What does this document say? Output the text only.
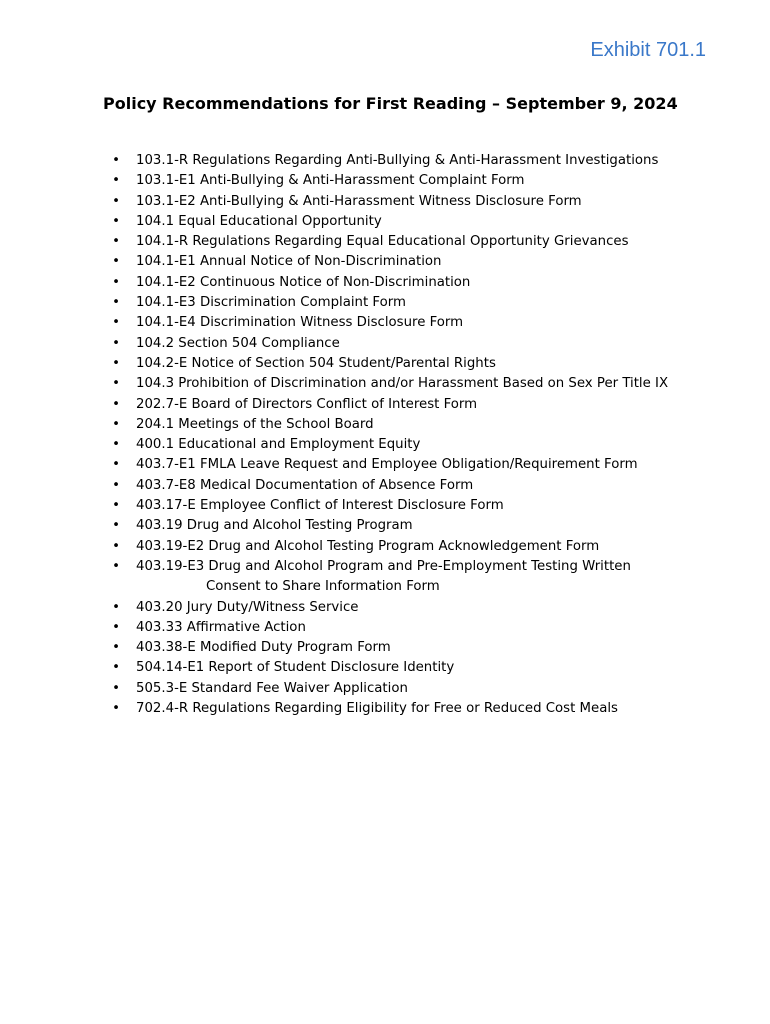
Exhibit 701.1
Policy Recommendations for First Reading – September 9, 2024
• 103.1-R Regulations Regarding Anti-Bullying & Anti-Harassment Investigations
• 103.1-E1 Anti-Bullying & Anti-Harassment Complaint Form
• 103.1-E2 Anti-Bullying & Anti-Harassment Witness Disclosure Form
• 104.1 Equal Educational Opportunity
• 104.1-R Regulations Regarding Equal Educational Opportunity Grievances
• 104.1-E1 Annual Notice of Non-Discrimination
• 104.1-E2 Continuous Notice of Non-Discrimination
• 104.1-E3 Discrimination Complaint Form
• 104.1-E4 Discrimination Witness Disclosure Form
• 104.2 Section 504 Compliance
• 104.2-E Notice of Section 504 Student/Parental Rights
• 104.3 Prohibition of Discrimination and/or Harassment Based on Sex Per Title IX
• 202.7-E Board of Directors Conflict of Interest Form
• 204.1 Meetings of the School Board
• 400.1 Educational and Employment Equity
• 403.7-E1 FMLA Leave Request and Employee Obligation/Requirement Form
• 403.7-E8 Medical Documentation of Absence Form
• 403.17-E Employee Conflict of Interest Disclosure Form
• 403.19 Drug and Alcohol Testing Program
• 403.19-E2 Drug and Alcohol Testing Program Acknowledgement Form
• 403.19-E3 Drug and Alcohol Program and Pre-Employment Testing Written
Consent to Share Information Form
• 403.20 Jury Duty/Witness Service
• 403.33 Affirmative Action
• 403.38-E Modified Duty Program Form
• 504.14-E1 Report of Student Disclosure Identity
• 505.3-E Standard Fee Waiver Application
• 702.4-R Regulations Regarding Eligibility for Free or Reduced Cost Meals
